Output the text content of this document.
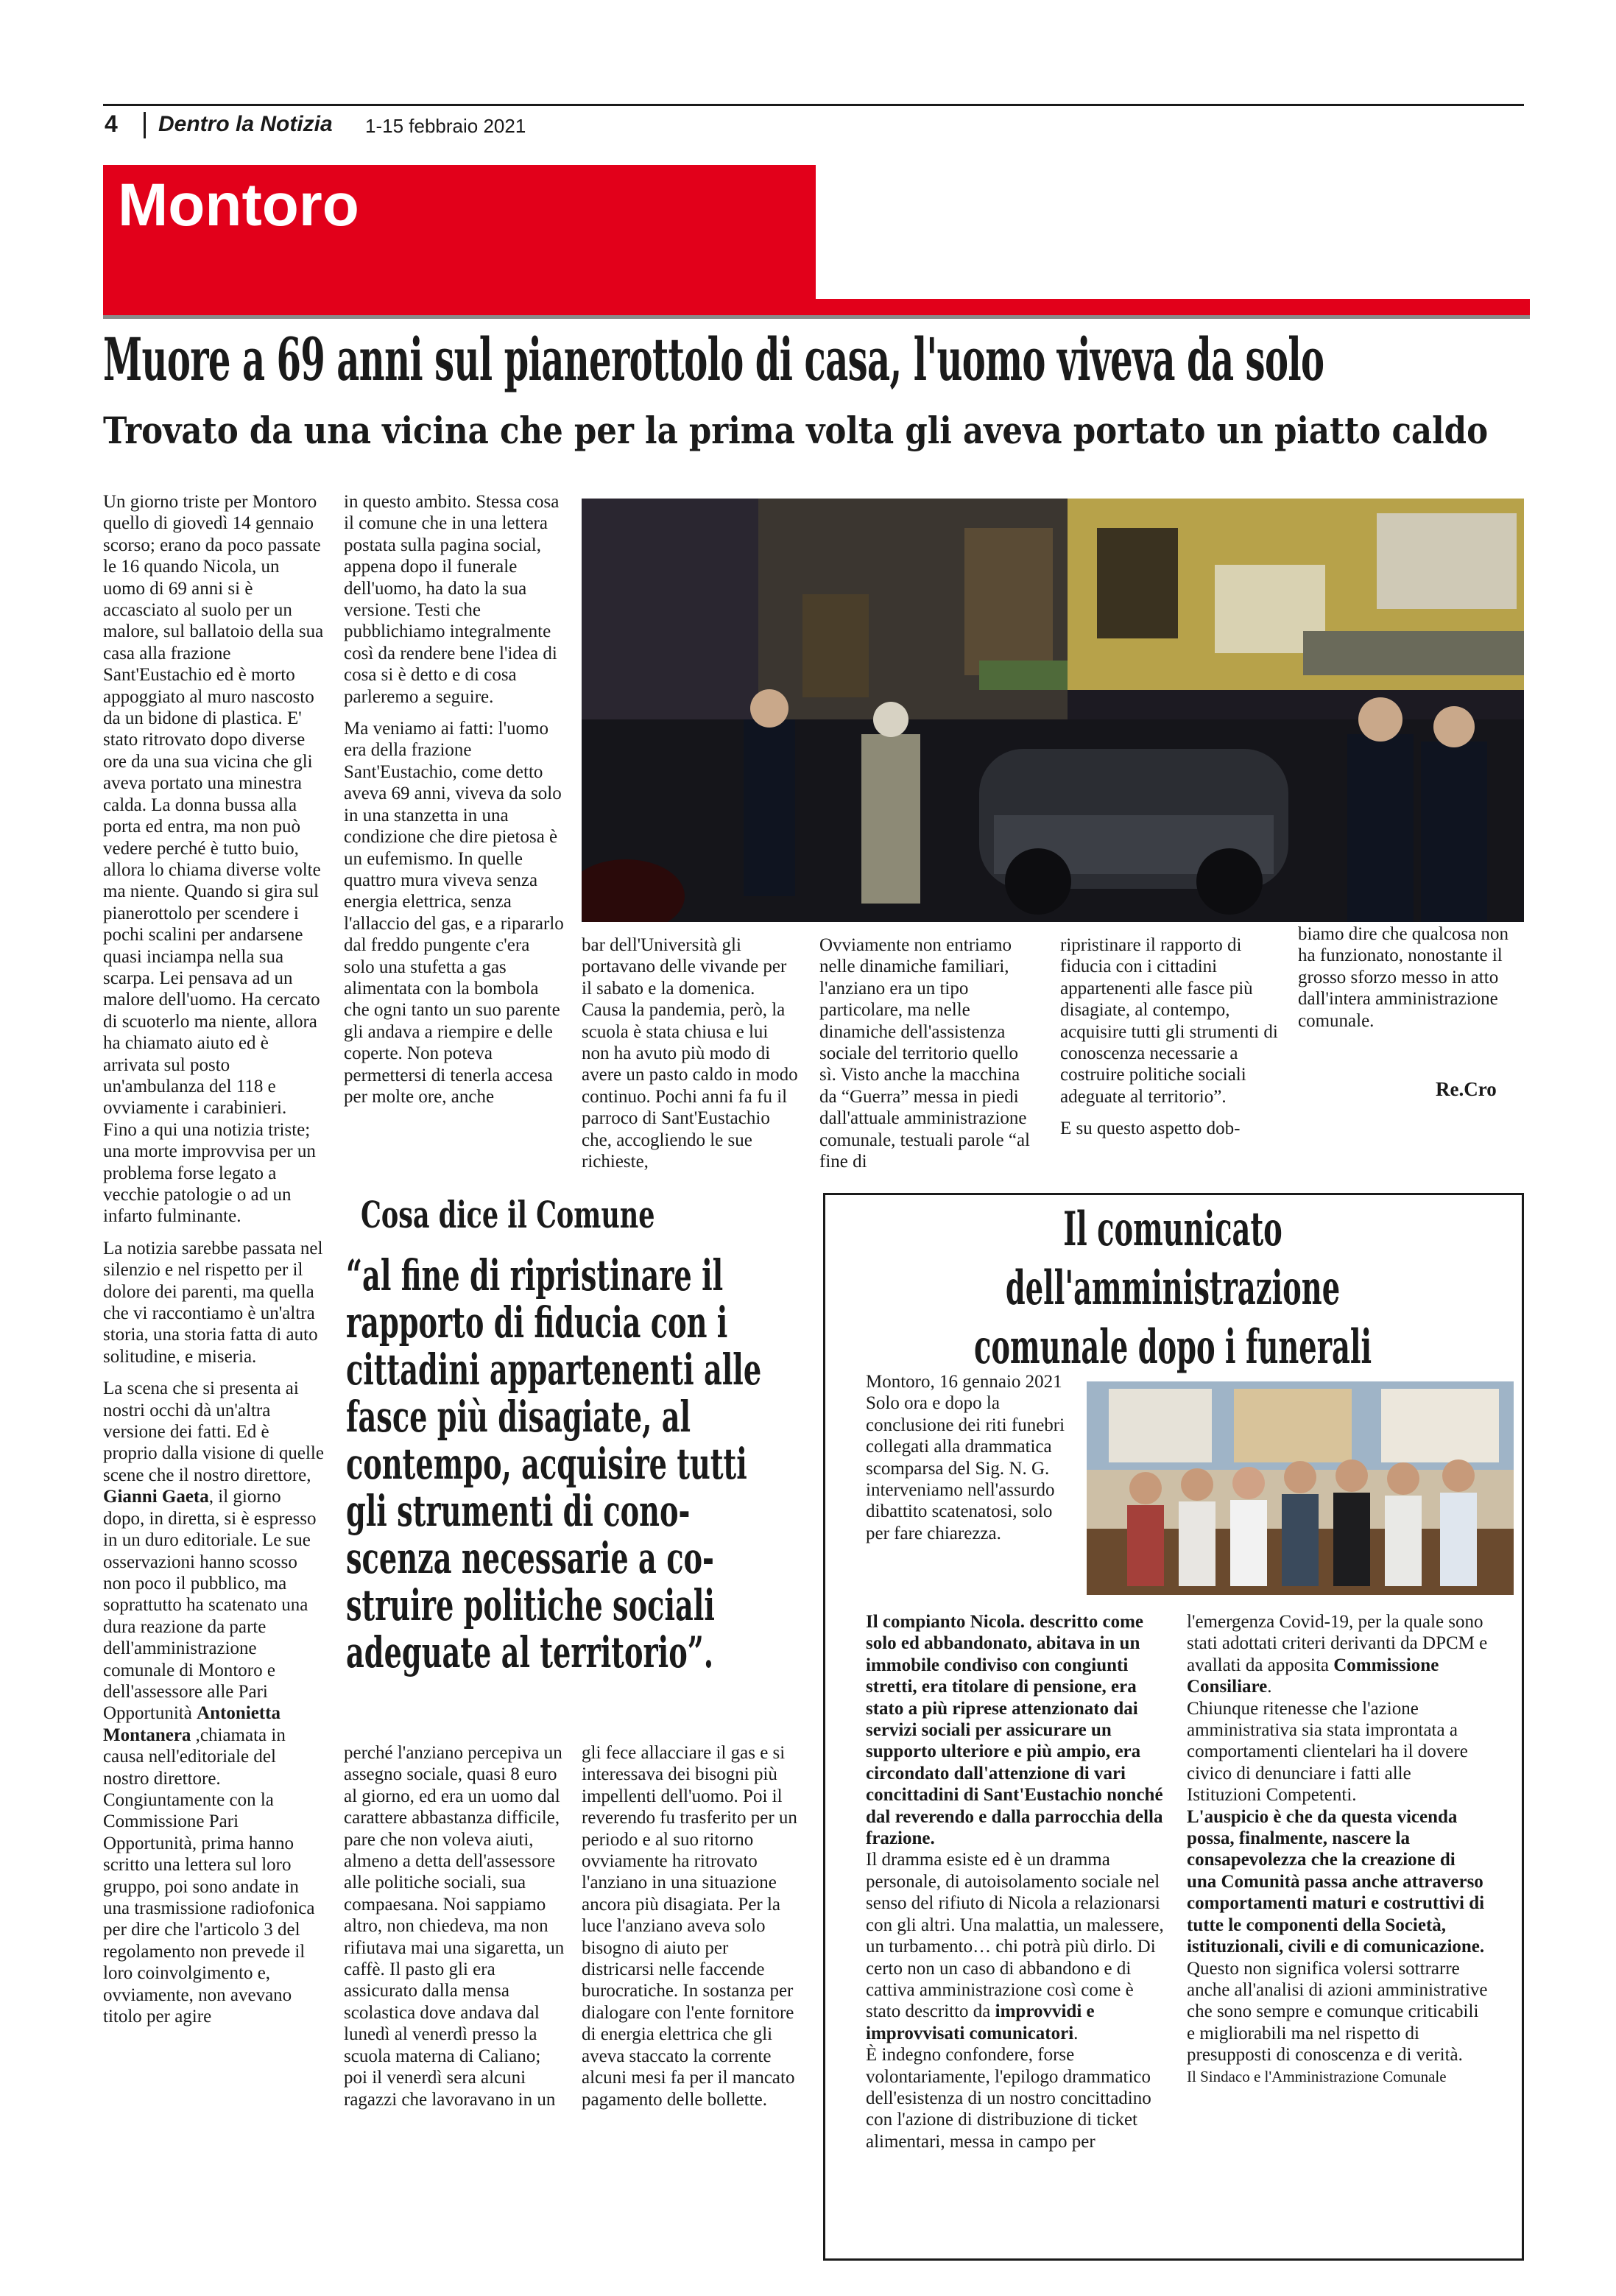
4 Dentro la Notizia 1-15 febbraio 2021
Montoro
Muore a 69 anni sul pianerottolo di casa, l'uomo viveva da solo
Trovato da una vicina che per la prima volta gli aveva portato un piatto caldo

Un giorno triste per Montoro quello di giovedì 14 gennaio scorso; erano da poco passate le 16 quando Nicola, un uomo di 69 anni si è accasciato al suolo per un malore, sul ballatoio della sua casa alla frazione Sant'Eustachio ed è morto appoggiato al muro nascosto da un bidone di plastica. E' stato ritrovato dopo diverse ore da una sua vicina che gli aveva portato una minestra calda. La donna bussa alla porta ed entra, ma non può vedere perché è tutto buio, allora lo chiama diverse volte ma niente. Quando si gira sul pianerottolo per scendere i pochi scalini per andarsene quasi inciampa nella sua scarpa. Lei pensava ad un malore dell'uomo. Ha cercato di scuoterlo ma niente, allora ha chiamato aiuto ed è arrivata sul posto un'ambulanza del 118 e ovviamente i carabinieri. Fino a qui una notizia triste; una morte improvvisa per un problema forse legato a vecchie patologie o ad un infarto fulminante.

La notizia sarebbe passata nel silenzio e nel rispetto per il dolore dei parenti, ma quella che vi raccontiamo è un'altra storia, una storia fatta di auto solitudine, e miseria.

La scena che si presenta ai nostri occhi dà un'altra versione dei fatti. Ed è proprio dalla visione di quelle scene che il nostro direttore, Gianni Gaeta, il giorno dopo, in diretta, si è espresso in un duro editoriale. Le sue osservazioni hanno scosso non poco il pubblico, ma soprattutto ha scatenato una dura reazione da parte dell'amministrazione comunale di Montoro e dell'assessore alle Pari Opportunità Antonietta Montanera ,chiamata in causa nell'editoriale del nostro direttore. Congiuntamente con la Commissione Pari Opportunità, prima hanno scritto una lettera sul loro gruppo, poi sono andate in una trasmissione radiofonica per dire che l'articolo 3 del regolamento non prevede il loro coinvolgimento e, ovviamente, non avevano titolo per agire

in questo ambito. Stessa cosa il comune che in una lettera postata sulla pagina social, appena dopo il funerale dell'uomo, ha dato la sua versione. Testi che pubblichiamo integralmente così da rendere bene l'idea di cosa si è detto e di cosa parleremo a seguire.

Ma veniamo ai fatti: l'uomo era della frazione Sant'Eustachio, come detto aveva 69 anni, viveva da solo in una stanzetta in una condizione che dire pietosa è un eufemismo. In quelle quattro mura viveva senza energia elettrica, senza l'allaccio del gas, e a ripararlo dal freddo pungente c'era solo una stufetta a gas alimentata con la bombola che ogni tanto un suo parente gli andava a riempire e delle coperte. Non poteva permettersi di tenerla accesa per molte ore, anche

bar dell'Università gli portavano delle vivande per il sabato e la domenica. Causa la pandemia, però, la scuola è stata chiusa e lui non ha avuto più modo di avere un pasto caldo in modo continuo. Pochi anni fa fu il parroco di Sant'Eustachio che, accogliendo le sue richieste,
Ovviamente non entriamo nelle dinamiche familiari, l'anziano era un tipo particolare, ma nelle dinamiche dell'assistenza sociale del territorio quello sì. Visto anche la macchina da “Guerra” messa in piedi dall'attuale amministrazione comunale, testuali parole “al fine di

ripristinare il rapporto di fiducia con i cittadini appartenenti alle fasce più disagiate, al contempo, acquisire tutti gli strumenti di conoscenza necessarie a costruire politiche sociali adeguate al territorio”.

E su questo aspetto dob-

biamo dire che qualcosa non ha funzionato, nonostante il grosso sforzo messo in atto dall'intera amministrazione comunale.
Re.Cro
Cosa dice il Comune
“al fine di ripristinare il
rapporto di fiducia con i
cittadini appartenenti alle
fasce più disagiate, al
contempo, acquisire tutti
gli strumenti di cono-
scenza necessarie a co-
struire politiche sociali
adeguate al territorio”.
perché l'anziano percepiva un assegno sociale, quasi 8 euro al giorno, ed era un uomo dal carattere abbastanza difficile, pare che non voleva aiuti, almeno a detta dell'assessore alle politiche sociali, sua compaesana. Noi sappiamo altro, non chiedeva, ma non rifiutava mai una sigaretta, un caffè. Il pasto gli era assicurato dalla mensa scolastica dove andava dal lunedì al venerdì presso la scuola materna di Caliano; poi il venerdì sera alcuni ragazzi che lavoravano in un
gli fece allacciare il gas e si interessava dei bisogni più impellenti dell'uomo. Poi il reverendo fu trasferito per un periodo e al suo ritorno ovviamente ha ritrovato l'anziano in una situazione ancora più disagiata. Per la luce l'anziano aveva solo bisogno di aiuto per districarsi nelle faccende burocratiche. In sostanza per dialogare con l'ente fornitore di energia elettrica che gli aveva staccato la corrente alcuni mesi fa per il mancato pagamento delle bollette.
Il comunicato dell'amministrazione
comunale dopo i funerali

Montoro, 16 gennaio 2021

Solo ora e dopo la conclusione dei riti funebri collegati alla drammatica scomparsa del Sig. N. G. interveniamo nell'assurdo dibattito scatenatosi, solo per fare chiarezza.

Il compianto Nicola. descritto come solo ed abbandonato, abitava in un immobile condiviso con congiunti stretti, era titolare di pensione, era stato a più riprese attenzionato dai servizi sociali per assicurare un supporto ulteriore e più ampio, era circondato dall'attenzione di vari concittadini di Sant'Eustachio nonché dal reverendo e dalla parrocchia della frazione.

Il dramma esiste ed è un dramma personale, di autoisolamento sociale nel senso del rifiuto di Nicola a relazionarsi con gli altri. Una malattia, un malessere, un turbamento… chi potrà più dirlo. Di certo non un caso di abbandono e di cattiva amministrazione così come è stato descritto da improvvidi e improvvisati comunicatori.

È indegno confondere, forse volontariamente, l'epilogo drammatico dell'esistenza di un nostro concittadino con l'azione di distribuzione di ticket alimentari, messa in campo per

l'emergenza Covid-19, per la quale sono stati adottati criteri derivanti da DPCM e avallati da apposita Commissione Consiliare.

Chiunque ritenesse che l'azione amministrativa sia stata improntata a comportamenti clientelari ha il dovere civico di denunciare i fatti alle Istituzioni Competenti.

L'auspicio è che da questa vicenda possa, finalmente, nascere la consapevolezza che la creazione di una Comunità passa anche attraverso comportamenti maturi e costruttivi di tutte le componenti della Società, istituzionali, civili e di comunicazione.

Questo non significa volersi sottrarre anche all'analisi di azioni amministrative che sono sempre e comunque criticabili e migliorabili ma nel rispetto di presupposti di conoscenza e di verità.

Il Sindaco e l'Amministrazione Comunale
